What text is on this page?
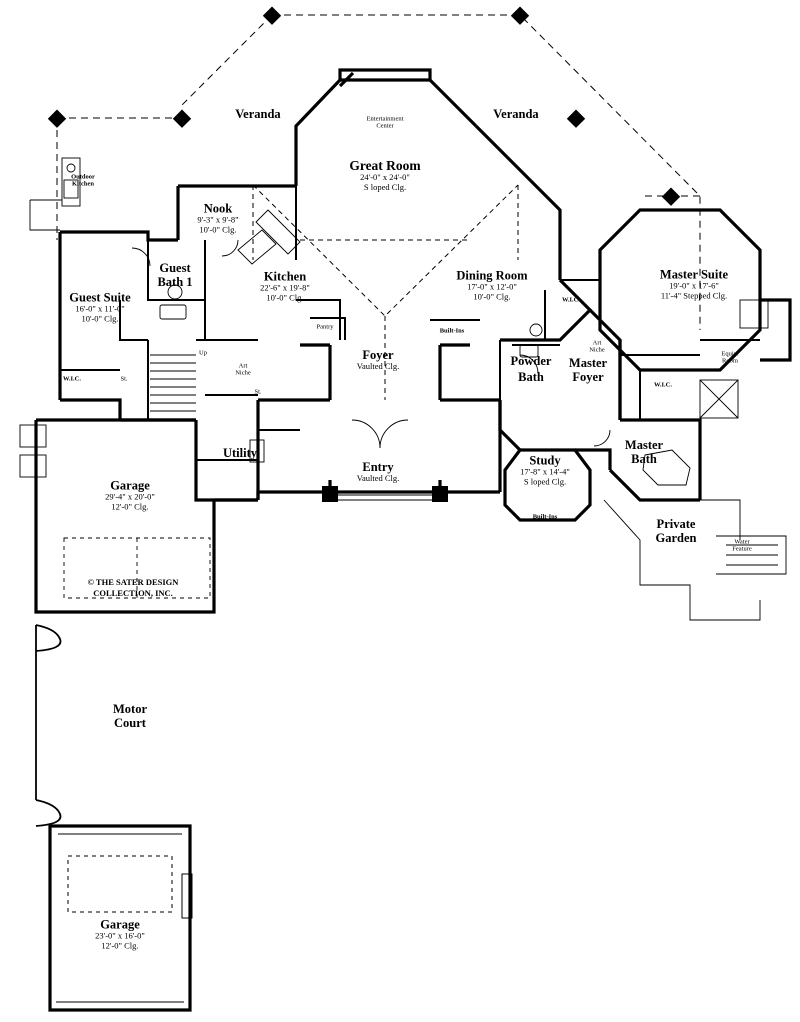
Veranda	Veranda
Great Room
24'-0" x 24'-0"
S loped Clg.
Nook
9'-3" x 9'-8"
10'-0" Clg.
Kitchen
22'-6" x 19'-8"
10'-0" Clg.
Dining Room
17'-0" x 12'-0"
10'-0" Clg.
Master Suite
19'-0" x 17'-6"
11'-4" Stepped Clg.
Guest Suite
16'-0" x 11'-0"
10'-0" Clg.
Foyer
Vaulted Clg.	Powder
Bath
Study
17'-8" x 14'-4"
S loped Clg.
Entry
Vaulted Clg.
Garage
29'-4" x 20'-0"
12'-0" Clg.
Garage
23'-0" x 16'-0"
12'-0" Clg.
Guest
Bath 1
Master
Foyer
Master
Bath
Private
Garden
Motor
Court
Outdoor
Kitchen
Entertainment
Center
Art
Niche
Art
Niche
Equip.
Room
Water
Feature
W.I.C.	St.
Up
St.
Utility
Pantry
Built-Ins
Built-Ins
W.I.C.
W.I.C.
© THE SATER DESIGN
COLLECTION, INC.
